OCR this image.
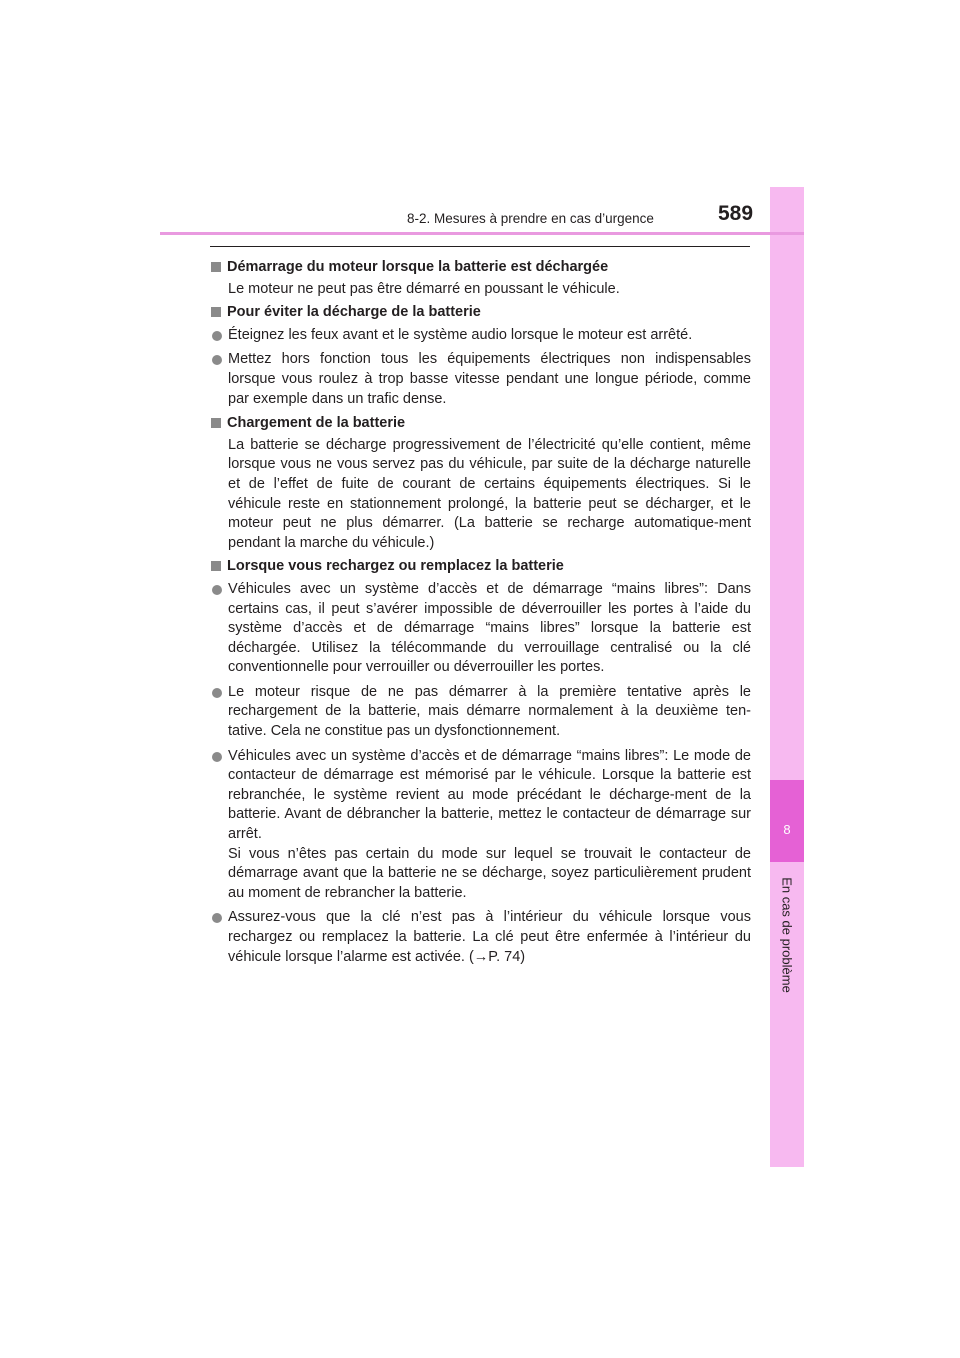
8
En cas de problème
8-2. Mesures à prendre en cas d’urgence	589
Démarrage du moteur lorsque la batterie est déchargée
Le moteur ne peut pas être démarré en poussant le véhicule.
Pour éviter la décharge de la batterie

Éteignez les feux avant et le système audio lorsque le moteur est arrêté.

Mettez hors fonction tous les équipements électriques non indispensables lorsque vous roulez à trop basse vitesse pendant une longue période, comme par exemple dans un trafic dense.

Chargement de la batterie
La batterie se décharge progressivement de l’électricité qu’elle contient, même lorsque vous ne vous servez pas du véhicule, par suite de la décharge naturelle et de l’effet de fuite de courant de certains équipements électriques. Si le véhicule reste en stationnement prolongé, la batterie peut se décharger, et le moteur peut ne plus démarrer. (La batterie se recharge automatique-ment pendant la marche du véhicule.)
Lorsque vous rechargez ou remplacez la batterie

Véhicules avec un système d’accès et de démarrage “mains libres”: Dans certains cas, il peut s’avérer impossible de déverrouiller les portes à l’aide du système d’accès et de démarrage “mains libres” lorsque la batterie est déchargée. Utilisez la télécommande du verrouillage centralisé ou la clé conventionnelle pour verrouiller ou déverrouiller les portes.

Le moteur risque de ne pas démarrer à la première tentative après le rechargement de la batterie, mais démarre normalement à la deuxième ten-tative. Cela ne constitue pas un dysfonctionnement.

Véhicules avec un système d’accès et de démarrage “mains libres”: Le mode de contacteur de démarrage est mémorisé par le véhicule. Lorsque la batterie est rebranchée, le système revient au mode précédant le décharge-ment de la batterie. Avant de débrancher la batterie, mettez le contacteur de démarrage sur arrêt.

Si vous n’êtes pas certain du mode sur lequel se trouvait le contacteur de démarrage avant que la batterie ne se décharge, soyez particulièrement prudent au moment de rebrancher la batterie.

Assurez-vous que la clé n’est pas à l’intérieur du véhicule lorsque vous rechargez ou remplacez la batterie. La clé peut être enfermée à l’intérieur du véhicule lorsque l’alarme est activée. (→P. 74)
